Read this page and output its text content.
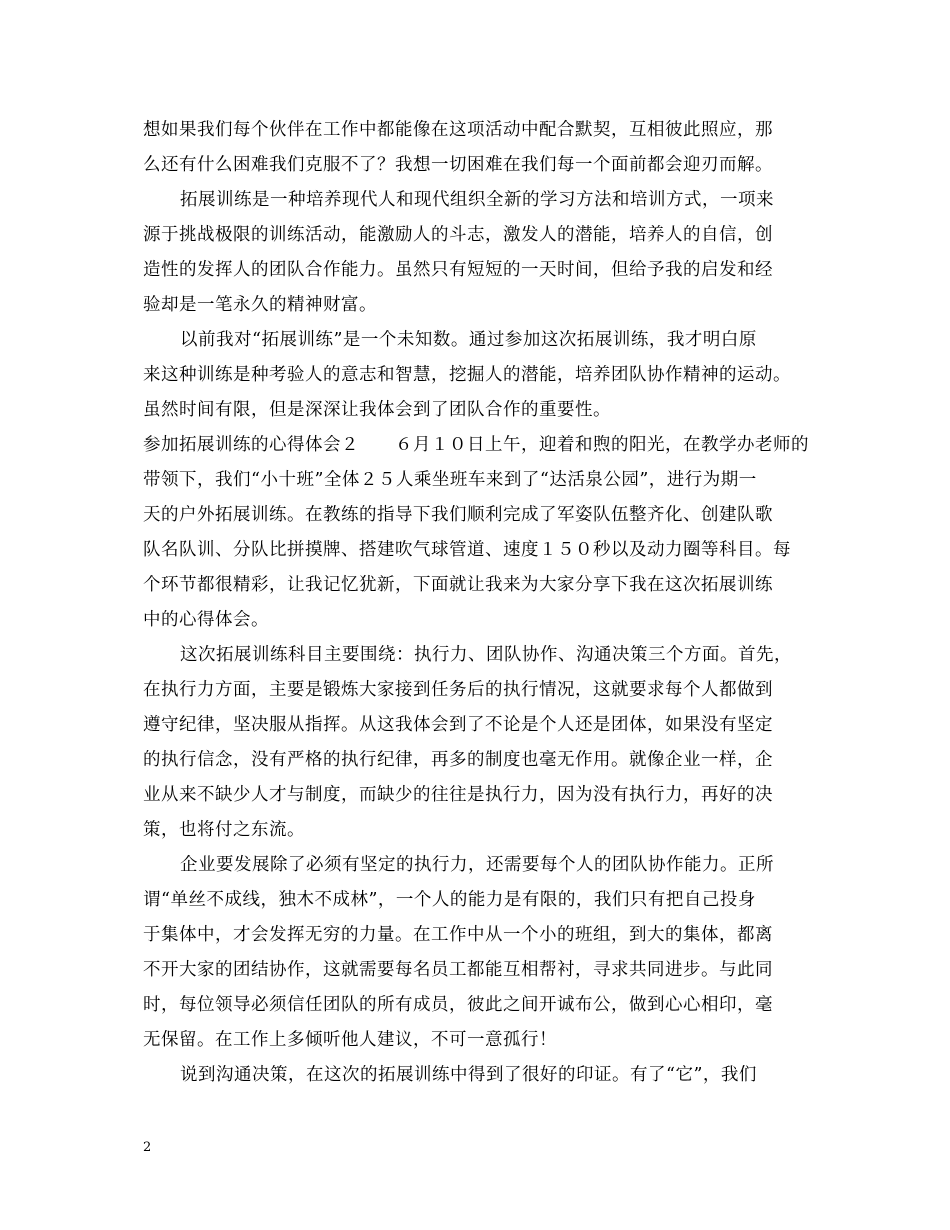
想如果我们每个伙伴在工作中都能像在这项活动中配合默契，互相彼此照应，那
么还有什么困难我们克服不了？我想一切困难在我们每一个面前都会迎刃而解。
拓展训练是一种培养现代人和现代组织全新的学习方法和培训方式，一项来
源于挑战极限的训练活动，能激励人的斗志，激发人的潜能，培养人的自信，创
造性的发挥人的团队合作能力。虽然只有短短的一天时间，但给予我的启发和经
验却是一笔永久的精神财富。
以前我对“拓展训练”是一个未知数。通过参加这次拓展训练，我才明白原
来这种训练是种考验人的意志和智慧，挖掘人的潜能，培养团队协作精神的运动。
虽然时间有限，但是深深让我体会到了团队合作的重要性。
参加拓展训练的心得体会２　　６月１０日上午，迎着和煦的阳光，在教学办老师的
带领下，我们“小十班”全体２５人乘坐班车来到了“达活泉公园”，进行为期一
天的户外拓展训练。在教练的指导下我们顺利完成了军姿队伍整齐化、创建队歌
队名队训、分队比拼摸牌、搭建吹气球管道、速度１５０秒以及动力圈等科目。每
个环节都很精彩，让我记忆犹新，下面就让我来为大家分享下我在这次拓展训练
中的心得体会。
这次拓展训练科目主要围绕：执行力、团队协作、沟通决策三个方面。首先，
在执行力方面，主要是锻炼大家接到任务后的执行情况，这就要求每个人都做到
遵守纪律，坚决服从指挥。从这我体会到了不论是个人还是团体，如果没有坚定
的执行信念，没有严格的执行纪律，再多的制度也毫无作用。就像企业一样，企
业从来不缺少人才与制度，而缺少的往往是执行力，因为没有执行力，再好的决
策，也将付之东流。
企业要发展除了必须有坚定的执行力，还需要每个人的团队协作能力。正所
谓“单丝不成线，独木不成林”，一个人的能力是有限的，我们只有把自己投身
于集体中，才会发挥无穷的力量。在工作中从一个小的班组，到大的集体，都离
不开大家的团结协作，这就需要每名员工都能互相帮衬，寻求共同进步。与此同
时，每位领导必须信任团队的所有成员，彼此之间开诚布公，做到心心相印，毫
无保留。在工作上多倾听他人建议，不可一意孤行！
说到沟通决策，在这次的拓展训练中得到了很好的印证。有了“它”，我们
2
